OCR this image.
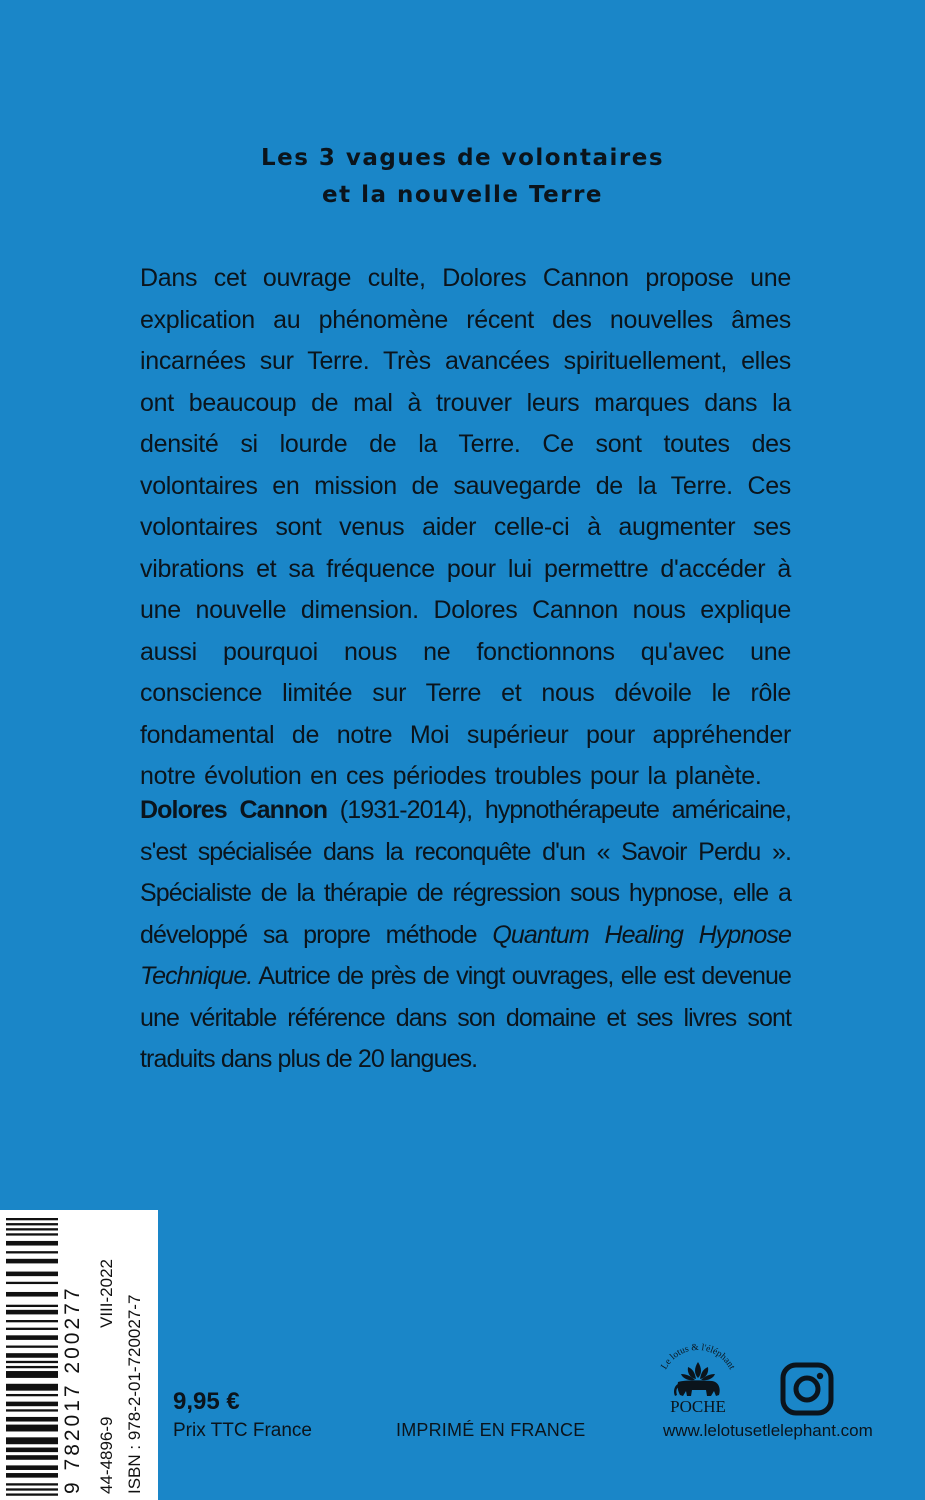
Les 3 vagues de volontaires
et la nouvelle Terre
Dans cet ouvrage culte, Dolores Cannon propose une explication au phénomène récent des nouvelles âmes incarnées sur Terre. Très avancées spirituellement, elles ont beaucoup de mal à trouver leurs marques dans la densité si lourde de la Terre. Ce sont toutes des volontaires en mission de sauvegarde de la Terre. Ces volontaires sont venus aider celle-ci à augmenter ses vibrations et sa fréquence pour lui permettre d'accéder à une nouvelle dimension. Dolores Cannon nous explique aussi pourquoi nous ne fonctionnons qu'avec une conscience limitée sur Terre et nous dévoile le rôle fondamental de notre Moi supérieur pour appréhender notre évolution en ces périodes troubles pour la planète.
Dolores Cannon (1931-2014), hypnothérapeute américaine, s'est spécialisée dans la reconquête d'un « Savoir Perdu ». Spécialiste de la thérapie de régression sous hypnose, elle a développé sa propre méthode Quantum Healing Hypnose Technique. Autrice de près de vingt ouvrages, elle est devenue une véritable référence dans son domaine et ses livres sont traduits dans plus de 20 langues.
9 782017 200277 44-4896-9
VIII-2022
ISBN : 978-2-01-720027-7 9,95 €
Prix TTC France	IMPRIMÉ EN FRANCE
Le lotus & l'éléphant
POCHE
www.lelotusetlelephant.com
